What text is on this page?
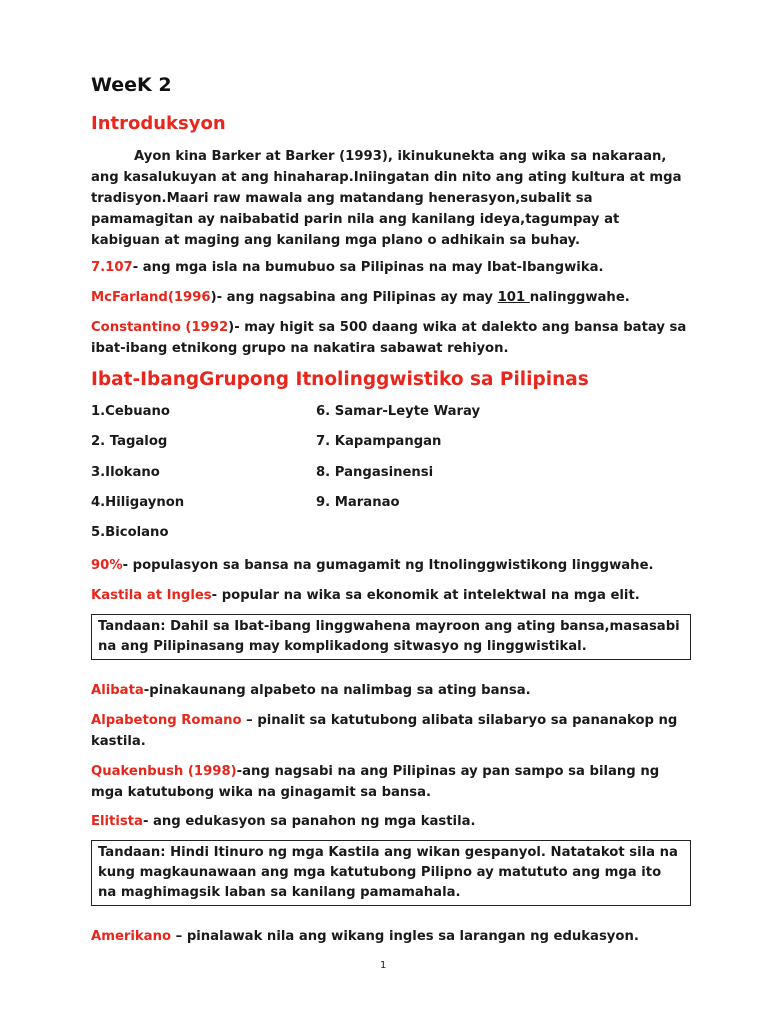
WeeK 2
Introduksyon
Ayon kina Barker at Barker (1993), ikinukunekta ang wika sa nakaraan, ang kasalukuyan at ang hinaharap.Iniingatan din nito ang ating kultura at mga tradisyon.Maari raw mawala ang matandang henerasyon,subalit sa pamamagitan ay naibabatid parin nila ang kanilang ideya,tagumpay at kabiguan at maging ang kanilang mga plano o adhikain sa buhay.
7.107- ang mga isla na bumubuo sa Pilipinas na may Ibat-Ibangwika.
McFarland(1996)- ang nagsabina ang Pilipinas ay may 101 nalinggwahe.
Constantino (1992)- may higit sa 500 daang wika at dalekto ang bansa batay sa ibat-ibang etnikong grupo na nakatira sabawat rehiyon.
Ibat-IbangGrupong Itnolinggwistiko sa Pilipinas
1.Cebuano
2. Tagalog
3.Ilokano
4.Hiligaynon
5.Bicolano
6. Samar-Leyte Waray
7. Kapampangan
8. Pangasinensi
9. Maranao
90%- populasyon sa bansa na gumagamit ng Itnolinggwistikong linggwahe.
Kastila at Ingles- popular na wika sa ekonomik at intelektwal na mga elit.
Tandaan: Dahil sa Ibat-ibang linggwahena mayroon ang ating bansa,masasabi na ang Pilipinasang may komplikadong sitwasyo ng linggwistikal.
Alibata-pinakaunang alpabeto na nalimbag sa ating bansa.
Alpabetong Romano – pinalit sa katutubong alibata silabaryo sa pananakop ng kastila.
Quakenbush (1998)-ang nagsabi na ang Pilipinas ay pan sampo sa bilang ng mga katutubong wika na ginagamit sa bansa.
Elitista- ang edukasyon sa panahon ng mga kastila.
Tandaan: Hindi Itinuro ng mga Kastila ang wikan gespanyol. Natatakot sila na kung magkaunawaan ang mga katutubong Pilipno ay matututo ang mga ito na maghimagsik laban sa kanilang pamamahala.
Amerikano – pinalawak nila ang wikang ingles sa larangan ng edukasyon.
1
